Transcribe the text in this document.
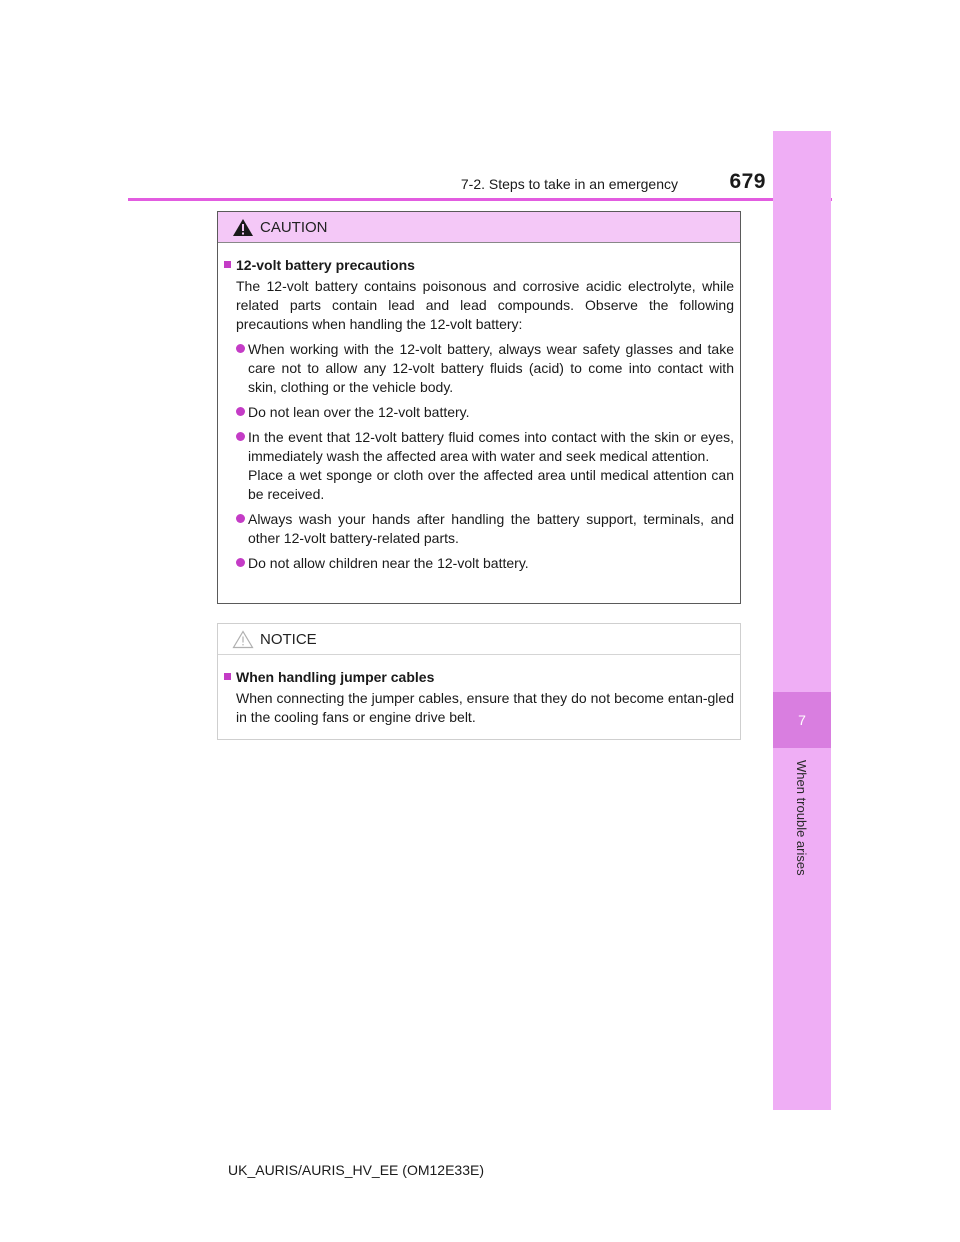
7-2. Steps to take in an emergency	679
7
When trouble arises
CAUTION
12-volt battery precautions
The 12-volt battery contains poisonous and corrosive acidic electrolyte, while related parts contain lead and lead compounds. Observe the following precautions when handling the 12-volt battery:
When working with the 12-volt battery, always wear safety glasses and take care not to allow any 12-volt battery fluids (acid) to come into contact with skin, clothing or the vehicle body.
Do not lean over the 12-volt battery.
In the event that 12-volt battery fluid comes into contact with the skin or eyes, immediately wash the affected area with water and seek medical attention.
Place a wet sponge or cloth over the affected area until medical attention can be received.
Always wash your hands after handling the battery support, terminals, and other 12-volt battery-related parts.
Do not allow children near the 12-volt battery.
NOTICE
When handling jumper cables
When connecting the jumper cables, ensure that they do not become entan-gled in the cooling fans or engine drive belt.
UK_AURIS/AURIS_HV_EE (OM12E33E)
